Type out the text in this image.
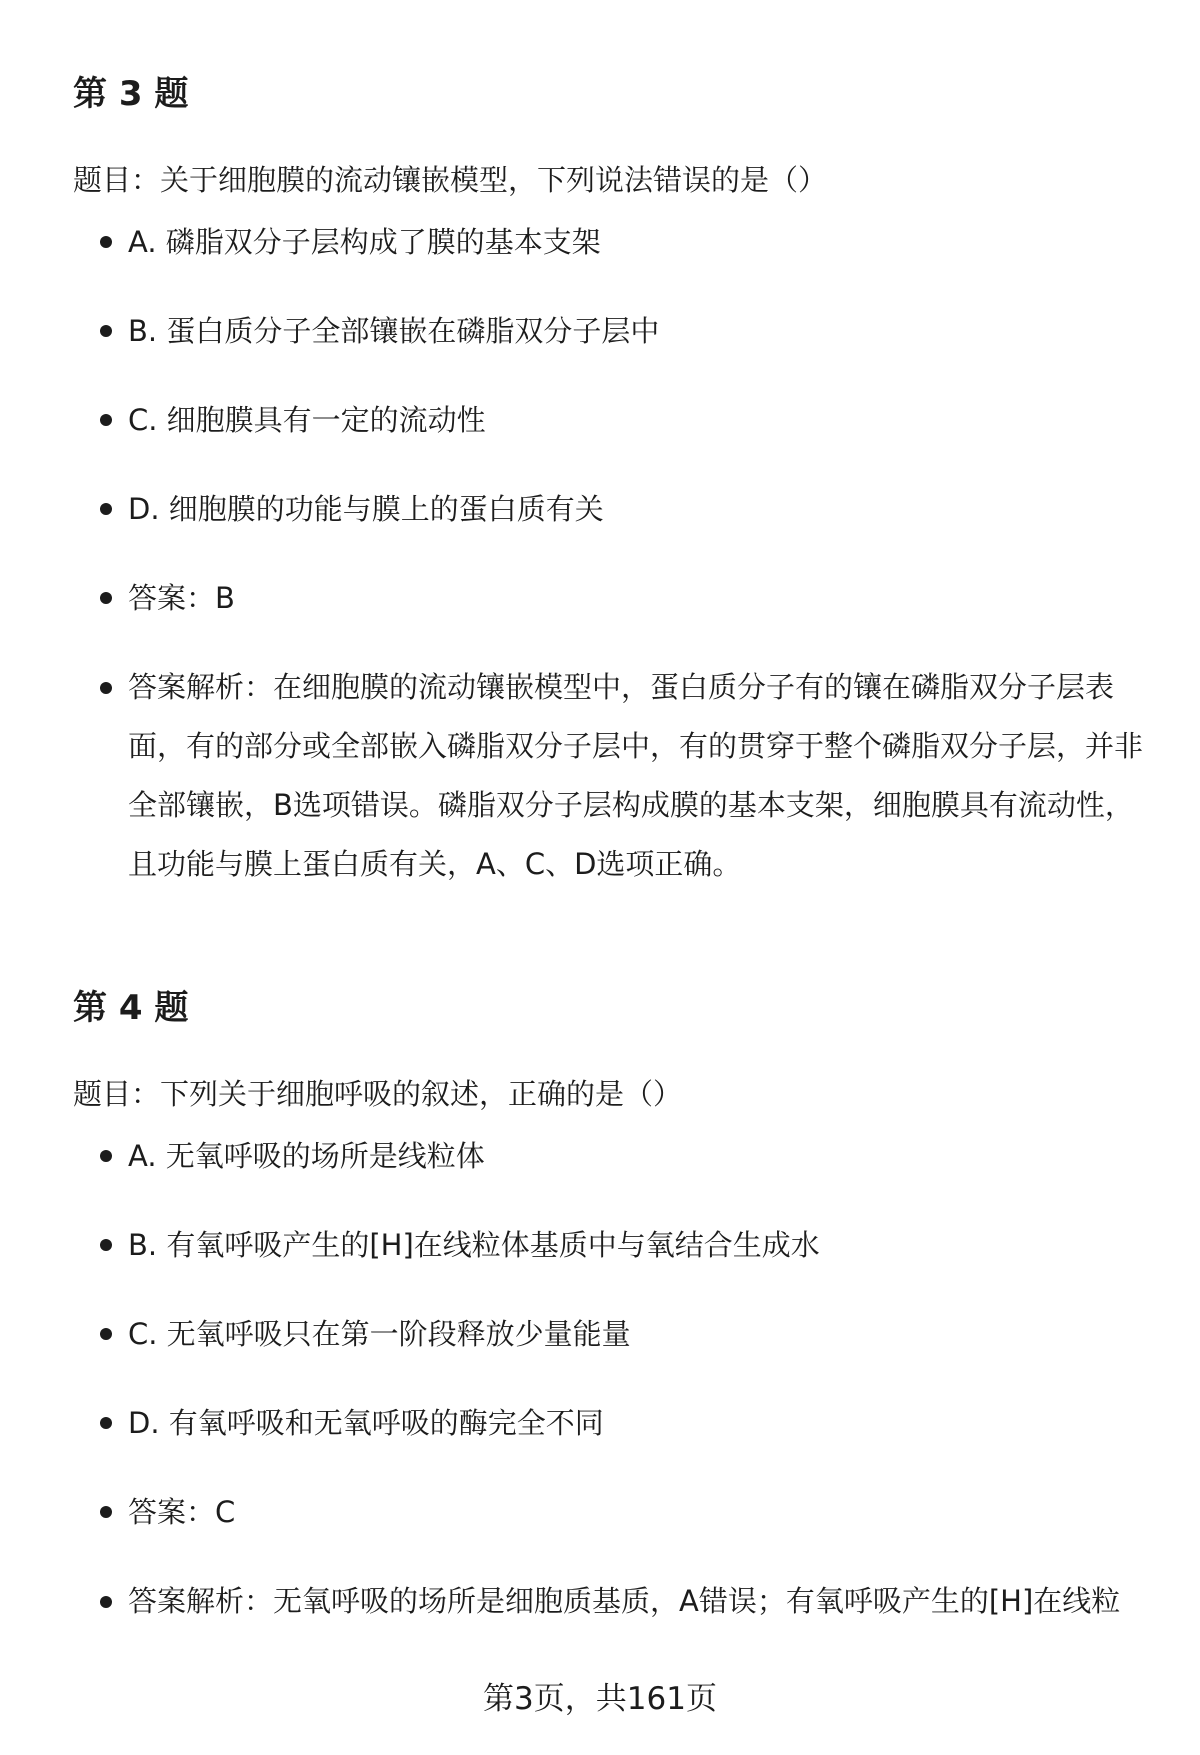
第 3 题

题目：关于细胞膜的流动镶嵌模型，下列说法错误的是（）

A. 磷脂双分子层构成了膜的基本支架
B. 蛋白质分子全部镶嵌在磷脂双分子层中
C. 细胞膜具有一定的流动性
D. 细胞膜的功能与膜上的蛋白质有关
答案：B
答案解析：在细胞膜的流动镶嵌模型中，蛋白质分子有的镶在磷脂双分子层表面，有的部分或全部嵌入磷脂双分子层中，有的贯穿于整个磷脂双分子层，并非全部镶嵌，B选项错误。磷脂双分子层构成膜的基本支架，细胞膜具有流动性，且功能与膜上蛋白质有关，A、C、D选项正确。
第 4 题

题目：下列关于细胞呼吸的叙述，正确的是（）

A. 无氧呼吸的场所是线粒体
B. 有氧呼吸产生的[H]在线粒体基质中与氧结合生成水
C. 无氧呼吸只在第一阶段释放少量能量
D. 有氧呼吸和无氧呼吸的酶完全不同
答案：C
答案解析：无氧呼吸的场所是细胞质基质，A错误；有氧呼吸产生的[H]在线粒
第3页，共161页
